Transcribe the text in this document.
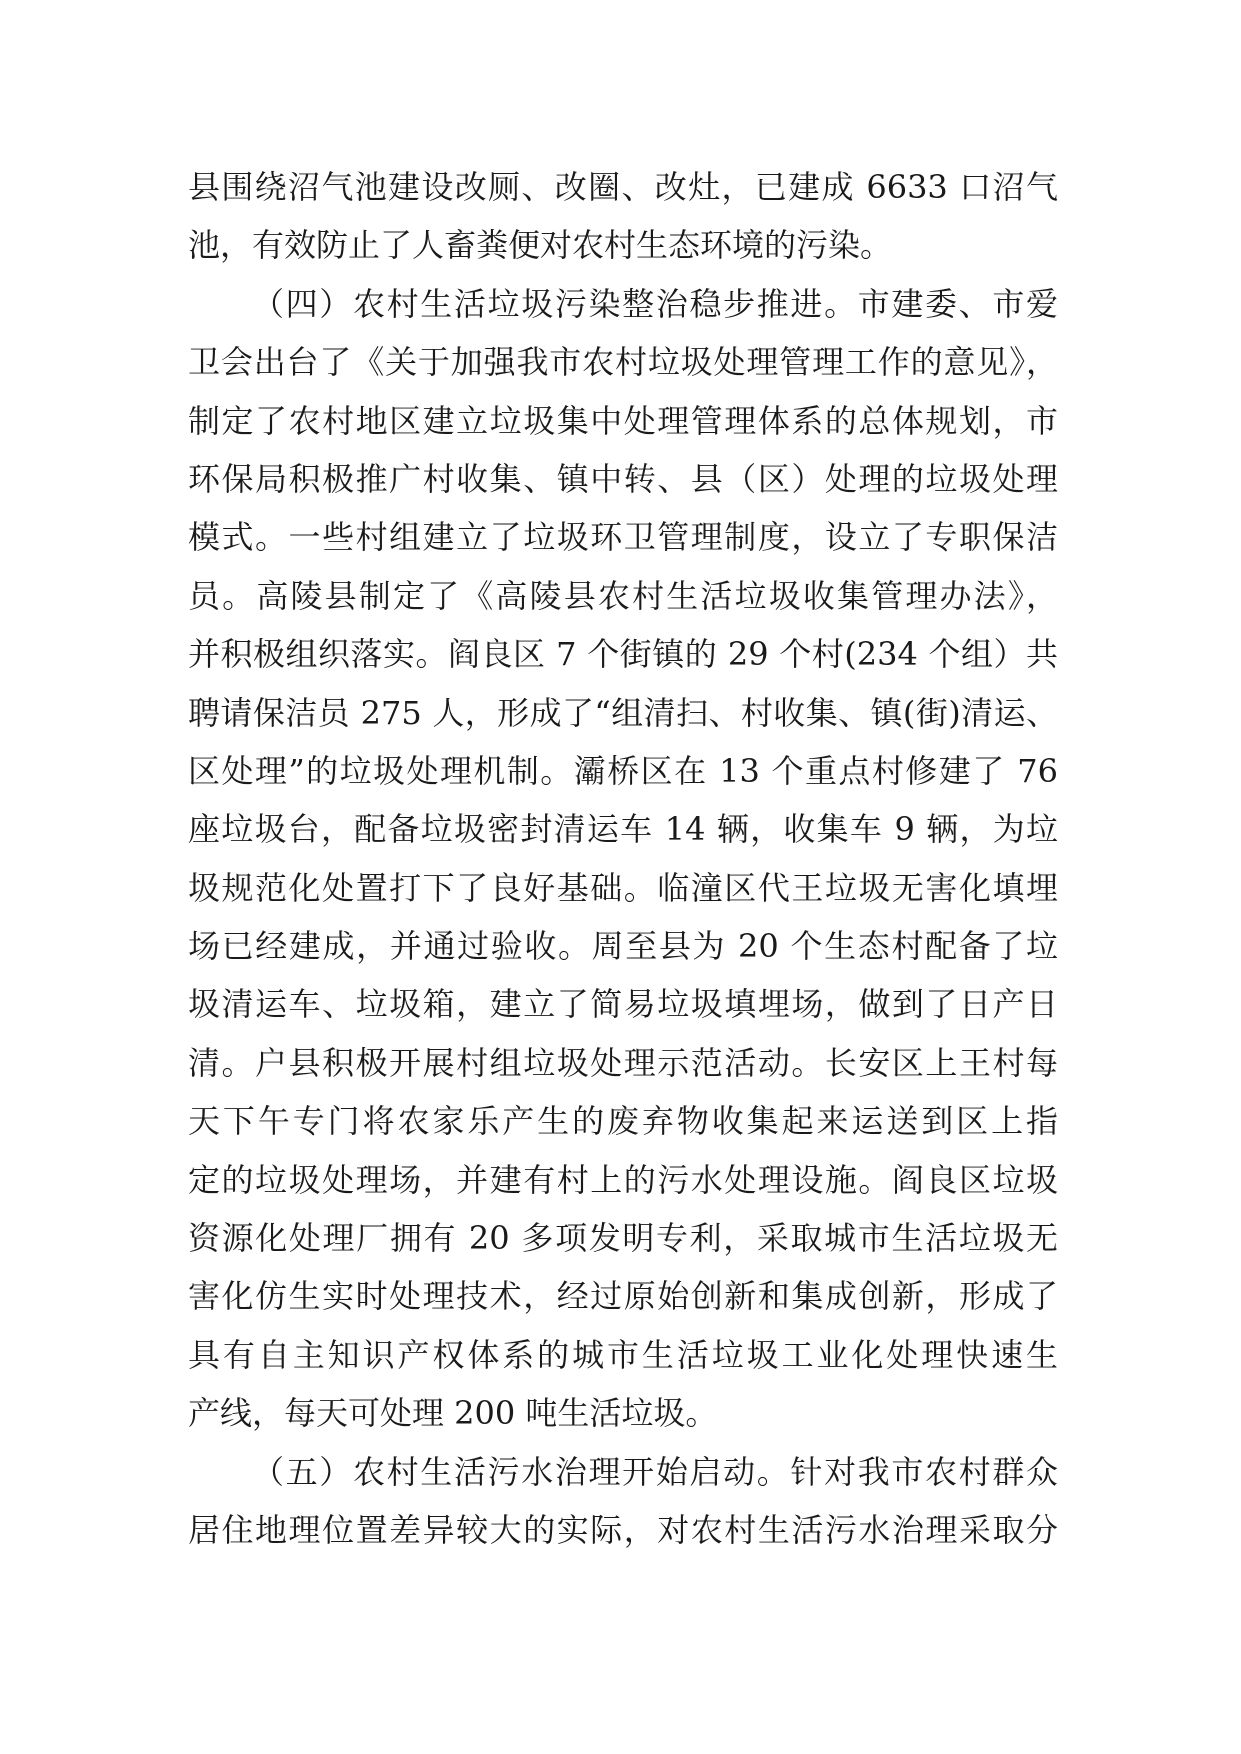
县围绕沼气池建设改厕、改圈、改灶，已建成 6633 口沼气
池，有效防止了人畜粪便对农村生态环境的污染。
（四）农村生活垃圾污染整治稳步推进。市建委、市爱
卫会出台了《关于加强我市农村垃圾处理管理工作的意见》，
制定了农村地区建立垃圾集中处理管理体系的总体规划，市
环保局积极推广村收集、镇中转、县（区）处理的垃圾处理
模式。一些村组建立了垃圾环卫管理制度，设立了专职保洁
员。高陵县制定了《高陵县农村生活垃圾收集管理办法》，
并积极组织落实。阎良区 7 个街镇的 29 个村(234 个组）共
聘请保洁员 275 人，形成了“组清扫、村收集、镇(街)清运、
区处理”的垃圾处理机制。灞桥区在 13 个重点村修建了 76
座垃圾台，配备垃圾密封清运车 14 辆，收集车 9 辆，为垃
圾规范化处置打下了良好基础。临潼区代王垃圾无害化填埋
场已经建成，并通过验收。周至县为 20 个生态村配备了垃
圾清运车、垃圾箱，建立了简易垃圾填埋场，做到了日产日
清。户县积极开展村组垃圾处理示范活动。长安区上王村每
天下午专门将农家乐产生的废弃物收集起来运送到区上指
定的垃圾处理场，并建有村上的污水处理设施。阎良区垃圾
资源化处理厂拥有 20 多项发明专利，采取城市生活垃圾无
害化仿生实时处理技术，经过原始创新和集成创新，形成了
具有自主知识产权体系的城市生活垃圾工业化处理快速生
产线，每天可处理 200 吨生活垃圾。
（五）农村生活污水治理开始启动。针对我市农村群众
居住地理位置差异较大的实际，对农村生活污水治理采取分
